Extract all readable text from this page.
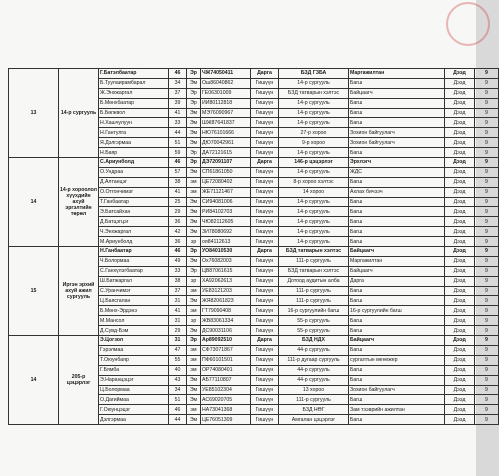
13	14-р сургууль	Г.Батэлбаатар	46	Эр	ЧЖ74050411	Дарга	БЗД ГЗБА	Маргажилтан	Дээд	9
		Б.Туулаирамбарал	34	Эм	Ош86040862	Гишүүн	14-р сургууль	Багш	Дээд	9
		Ж.Энхжаргал	37	Эр	ГЕ06301009	Гишүүн	БЗД татварын хэлтэс	Байцаагч	Дээд	9
		Б.Мөнхбаатар	39	Эр	ИИ80112818	Гишүүн	14-р сургууль	Багш	Дээд	9
		Б.Бөгжвол	41	Эм	МЭ76090967	Гишүүн	14-р сургууль	Багш	Дээд	9
		Н.Хашчулуун	33	Эм	ШЖ87641837	Гишүүн	14-р сургууль	Багш	Дээд	9
		Н.Гантулга	44	Эм	НЮ76101666	Гишүүн	27-р хороо	Зохион байгуулагч	Дээд	9
		Я.Дэлгэрмаа	51	Эм	ДЮ70042961	Гишүүн	9-р хороо	Зохион байгуулагч	Дээд	9
		Н.Баяр	59	Эр	ДА72121615	Гишүүн	14-р сургууль	Багш	Дээд	9
14	14-р хороолол хүүхдийн ахуй эргэлтийн төрөл	С.Ариунболд	46	Эр	ДЭ72091107	Дарга	146-р цэцэрлэг	Эрхлэгч	Дээд	9
		О.Ундраа	57	Эм	СП61861050	Гишүүн	14-р сургууль	ЖДС	Дээд	9
		Д.Алтанцэг	38	эм	ЦЕ72080402	Гишүүн	8-р хороо хэлтэс	Багш	Дээд	9
		О.Отгончимэг	41	эм	ЖЕ71121467	Гишүүн	14 хороо	Ахлах бичээч	Дээд	9
		Т.Ганбаатар	25	Эм	СИ94081006	Гишүүн	14-р сургууль	Багш	Дээд	9
		Э.Батсайхан	29	Эм	РИ84102703	Гишүүн	14-р сургууль	Багш	Дээд	9
		Д.Батцэгцэг	36	Эм	ЧЮ82112605	Гишүүн	14-р сургууль	Багш	Дээд	9
		Ч.Энхжаргал	42	Эм	ЗИ78080692	Гишүүн	14-р сургууль	Багш	Дээд	9
		М.Ариунболд	36	эр	оя84112613	Гишүүн	14-р сургууль	Багш	Дээд	9
15	Иргэн эрхий ахуй ажил сургууль	Н.Ганбаатар	46	Эр	УО84010530	Дарга	БЗД татварын хэлтэс	Байцаагч	Дээд	9
		Ч.Болормаа	49	Эм	Ох76082003	Гишүүн	111-р сургууль	Маргажилтан	Дээд	9
		С.Ганхүлэгбаатар	33	Эр	ЦВ87061615	Гишүүн	БЗД татварын хэлтэс	Байцаагч	Дээд	9
		Ш.Батжаргал	38	эр	ХА92062613	Гишүүн	Дотоод аудитын алба	Дарга	Дээд	9
		С.Уранчимэг	37	эм	УЕ83121203	Гишүүн	111-р сургууль	Багш	Дээд	9
		Ц.Баясгалан	31	Эм	ЖЯ82061823	Гишүүн	111-р сургууль	Багш	Дээд	9
		Б.Мөнх-Эрдэнэ	41	эм	ГТ79090408	Гишүүн	16-р сургуулийн багш	16-р сургуулийн багш	Дээд	9
		М.Мансол	31	эр	ЖВ83061334	Гишүүн	55-р сургууль	Багш	Дээд	9
		Д.Сувд-Бэм	29	Эм	ДС90031106	Гишүүн	55-р сургууль	Багш	Дээд	9
14	205-р цэцэрлэг	Э.Цогзол	31	Эр	Ар89092510	Дарга	БЗД НДХ	Байцаагч	Дээд	9
		Гэрэлмаа	47	эм	СФ73071867	Гишүүн	44-р сургууль	Багш	Дээд	9
		Т.Оюунбаяр	55	эм	ПФ60101501	Гишүүн	111-р дугаар сургууль	сургалтын менежер	Дээд	9
		Г.Бямба	40	эм	ОР74080401	Гишүүн	44-р сургууль	Багш	Дээд	9
		Э.Наранцэцэг	43	Эм	АБ77110807	Гишүүн	44-р сургууль	Багш	Дээд	9
		Ц.Болормаа	34	Эм	УЕ85102304	Гишүүн	13 хороо	Зохион байгуулагч	Дээд	9
		О.Дагиймаа	51	Эм	АС69020705	Гишүүн	111-р сургууль	Багш	Дээд	9
		Г.Оюунцэцэг	46	эм	НА73041368	Гишүүн	БЗД НӨГ	Зам тээврийн ажилтан	Дээд	9
		Дэлгэрмаа	44	Эм	ЦЕ76051309	Гишүүн	Амгалан цэцэрлэг	Багш	Дээд	9
